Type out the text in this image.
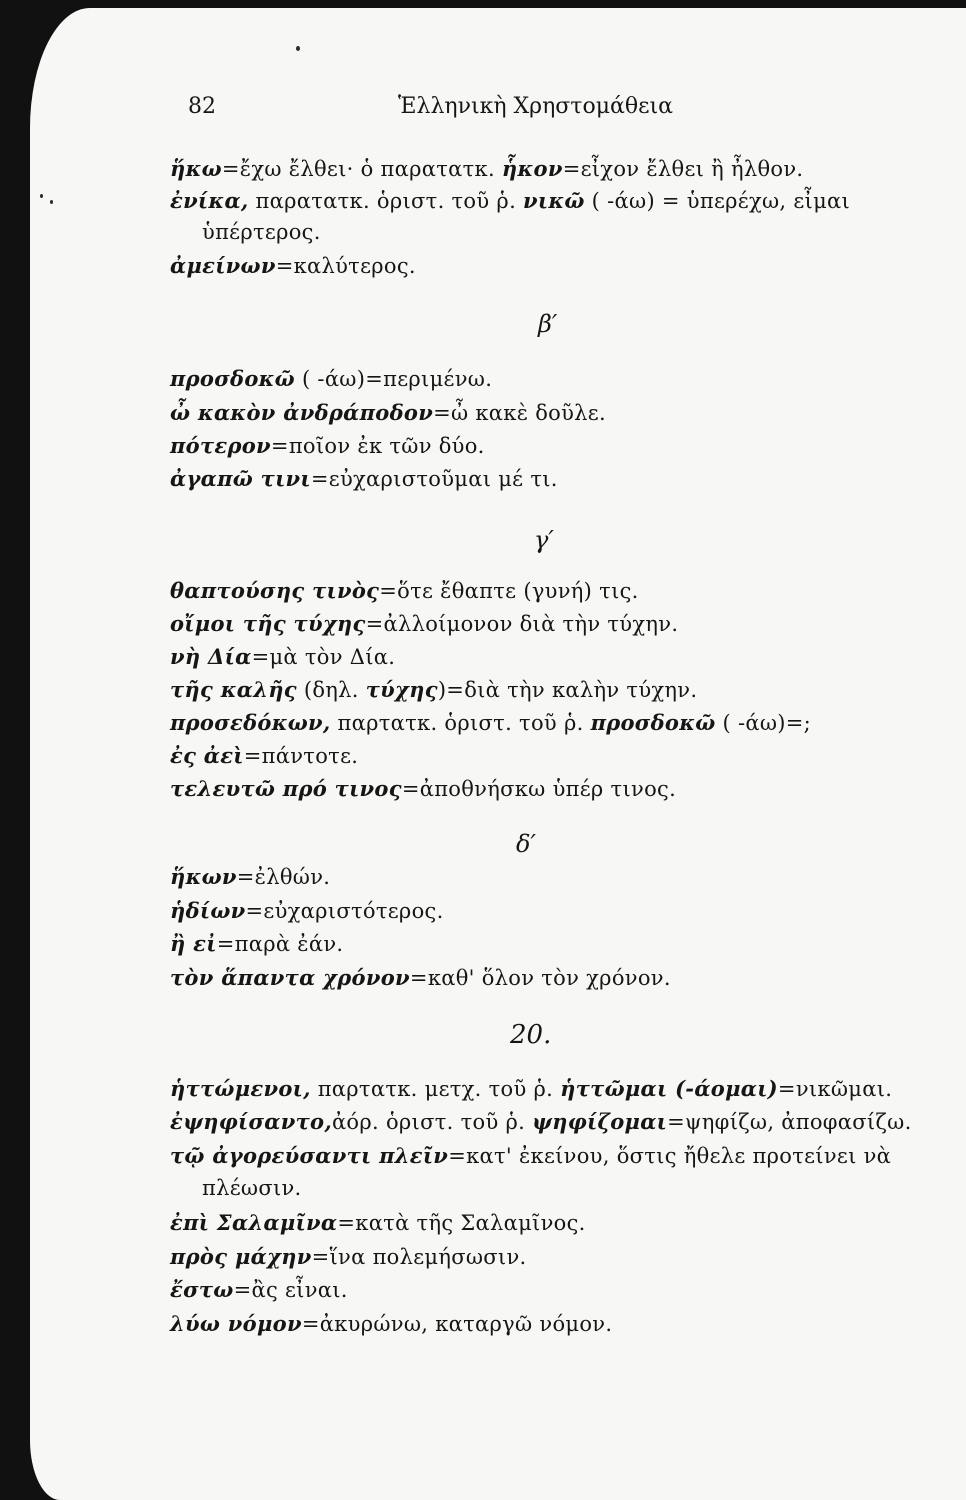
82	Ἑλληνικὴ Χρηστομάθεια
ἥκω=ἔχω ἔλθει· ὁ παρατατκ. ἧκον=εἶχον ἔλθει ἢ ἦλθον.
ἐνίκα, παρατατκ. ὁριστ. τοῦ ῥ. νικῶ ( -άω) = ὑπερέχω, εἶμαι
ὑπέρτερος.
ἀμείνων=καλύτερος.
β′
προσδοκῶ ( -άω)=περιμένω.
ὦ κακὸν ἀνδράποδον=ὦ κακὲ δοῦλε.
πότερον=ποῖον ἐκ τῶν δύο.
ἀγαπῶ τινι=εὐχαριστοῦμαι μέ τι.
γ′
θαπτούσης τινὸς=ὅτε ἔθαπτε (γυνή) τις.
οἴμοι τῆς τύχης=ἀλλοίμονον διὰ τὴν τύχην.
νὴ Δία=μὰ τὸν Δία.
τῆς καλῆς (δηλ. τύχης)=διὰ τὴν καλὴν τύχην.
προσεδόκων, παρτατκ. ὁριστ. τοῦ ῥ. προσδοκῶ ( -άω)=;
ἐς ἀεὶ=πάντοτε.
τελευτῶ πρό τινος=ἀποθνήσκω ὑπέρ τινος.
δ′
ἥκων=ἐλθών.
ἡδίων=εὐχαριστότερος.
ἢ εἰ=παρὰ ἐάν.
τὸν ἅπαντα χρόνον=καθ' ὅλον τὸν χρόνον.
20.
ἡττώμενοι, παρτατκ. μετχ. τοῦ ῥ. ἡττῶμαι (-άομαι)=νικῶμαι.
ἐψηφίσαντο,ἀόρ. ὁριστ. τοῦ ῥ. ψηφίζομαι=ψηφίζω, ἀποφασίζω.
τῷ ἀγορεύσαντι πλεῖν=κατ' ἐκείνου, ὅστις ἤθελε προτείνει νὰ
πλέωσιν.
ἐπὶ Σαλαμῖνα=κατὰ τῆς Σαλαμῖνος.
πρὸς μάχην=ἵνα πολεμήσωσιν.
ἔστω=ἂς εἶναι.
λύω νόμον=ἀκυρώνω, καταργῶ νόμον.
